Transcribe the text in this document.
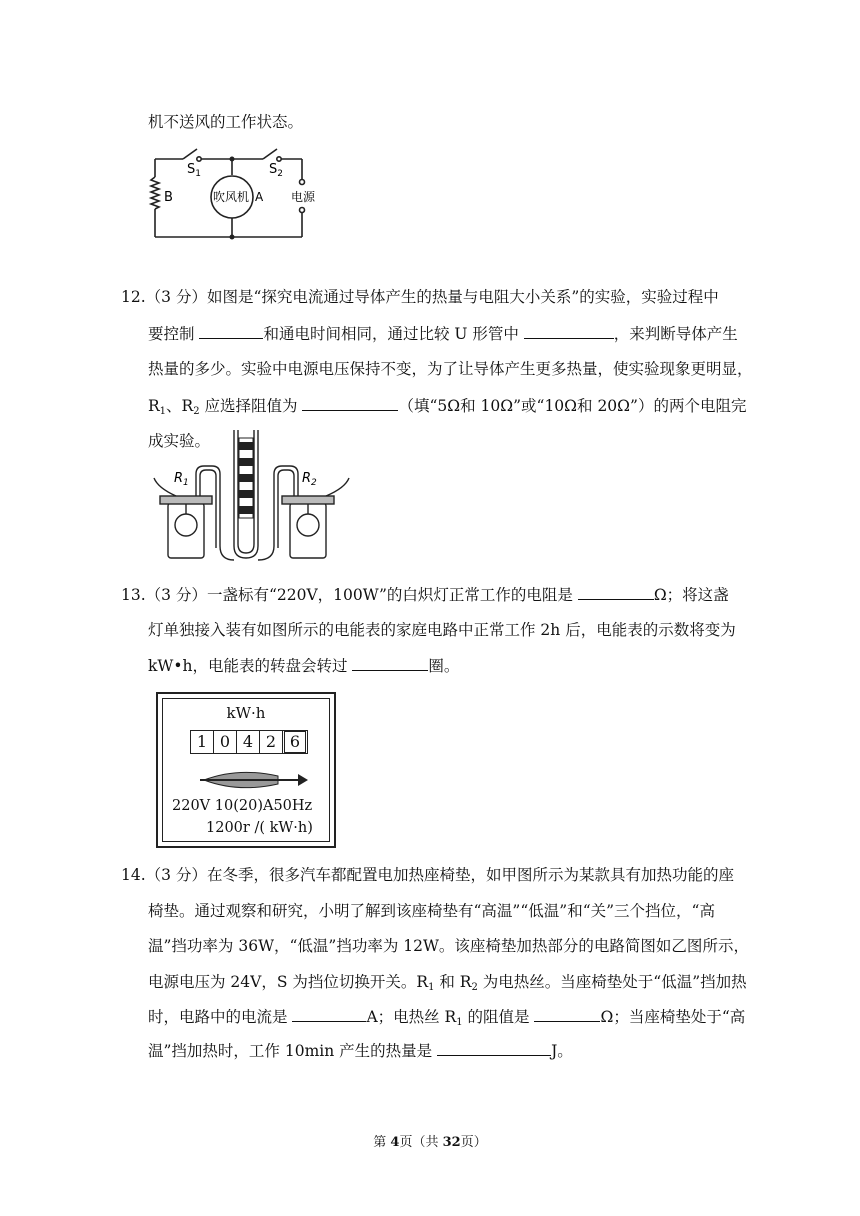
机不送风的工作状态。
$S_1$	$S_2$
B	吹风机 A 电源
12.（3 分）如图是“探究电流通过导体产生的热量与电阻大小关系”的实验，实验过程中
要控制	和通电时间相同，通过比较 U 形管中	，来判断导体产生
热量的多少。实验中电源电压保持不变，为了让导体产生更多热量，使实验现象更明显，
$R_1$、$R_2$ 应选择阻值为	（填“5Ω和 10Ω”或“10Ω和 20Ω”）的两个电阻完
成实验。
$R_1$	$R_2$
13.（3 分）一盏标有“220V，100W”的白炽灯正常工作的电阻是	Ω；将这盏
灯单独接入装有如图所示的电能表的家庭电路中正常工作 2h 后，电能表的示数将变为
kW•h，电能表的转盘会转过	圈。
kW·h
1 0 4 2 6
220V 10(20)A50Hz
1200r /( kW·h)
14.（3 分）在冬季，很多汽车都配置电加热座椅垫，如甲图所示为某款具有加热功能的座
椅垫。通过观察和研究，小明了解到该座椅垫有“高温”“低温”和“关”三个挡位，“高
温”挡功率为 36W，“低温”挡功率为 12W。该座椅垫加热部分的电路简图如乙图所示，
电源电压为 24V，S 为挡位切换开关。$R_1$ 和 $R_2$ 为电热丝。当座椅垫处于“低温”挡加热
时，电路中的电流是	A；电热丝 $R_1$ 的阻值是	Ω；当座椅垫处于“高
温”挡加热时，工作 10min 产生的热量是	J。
第 4页（共 32页）
